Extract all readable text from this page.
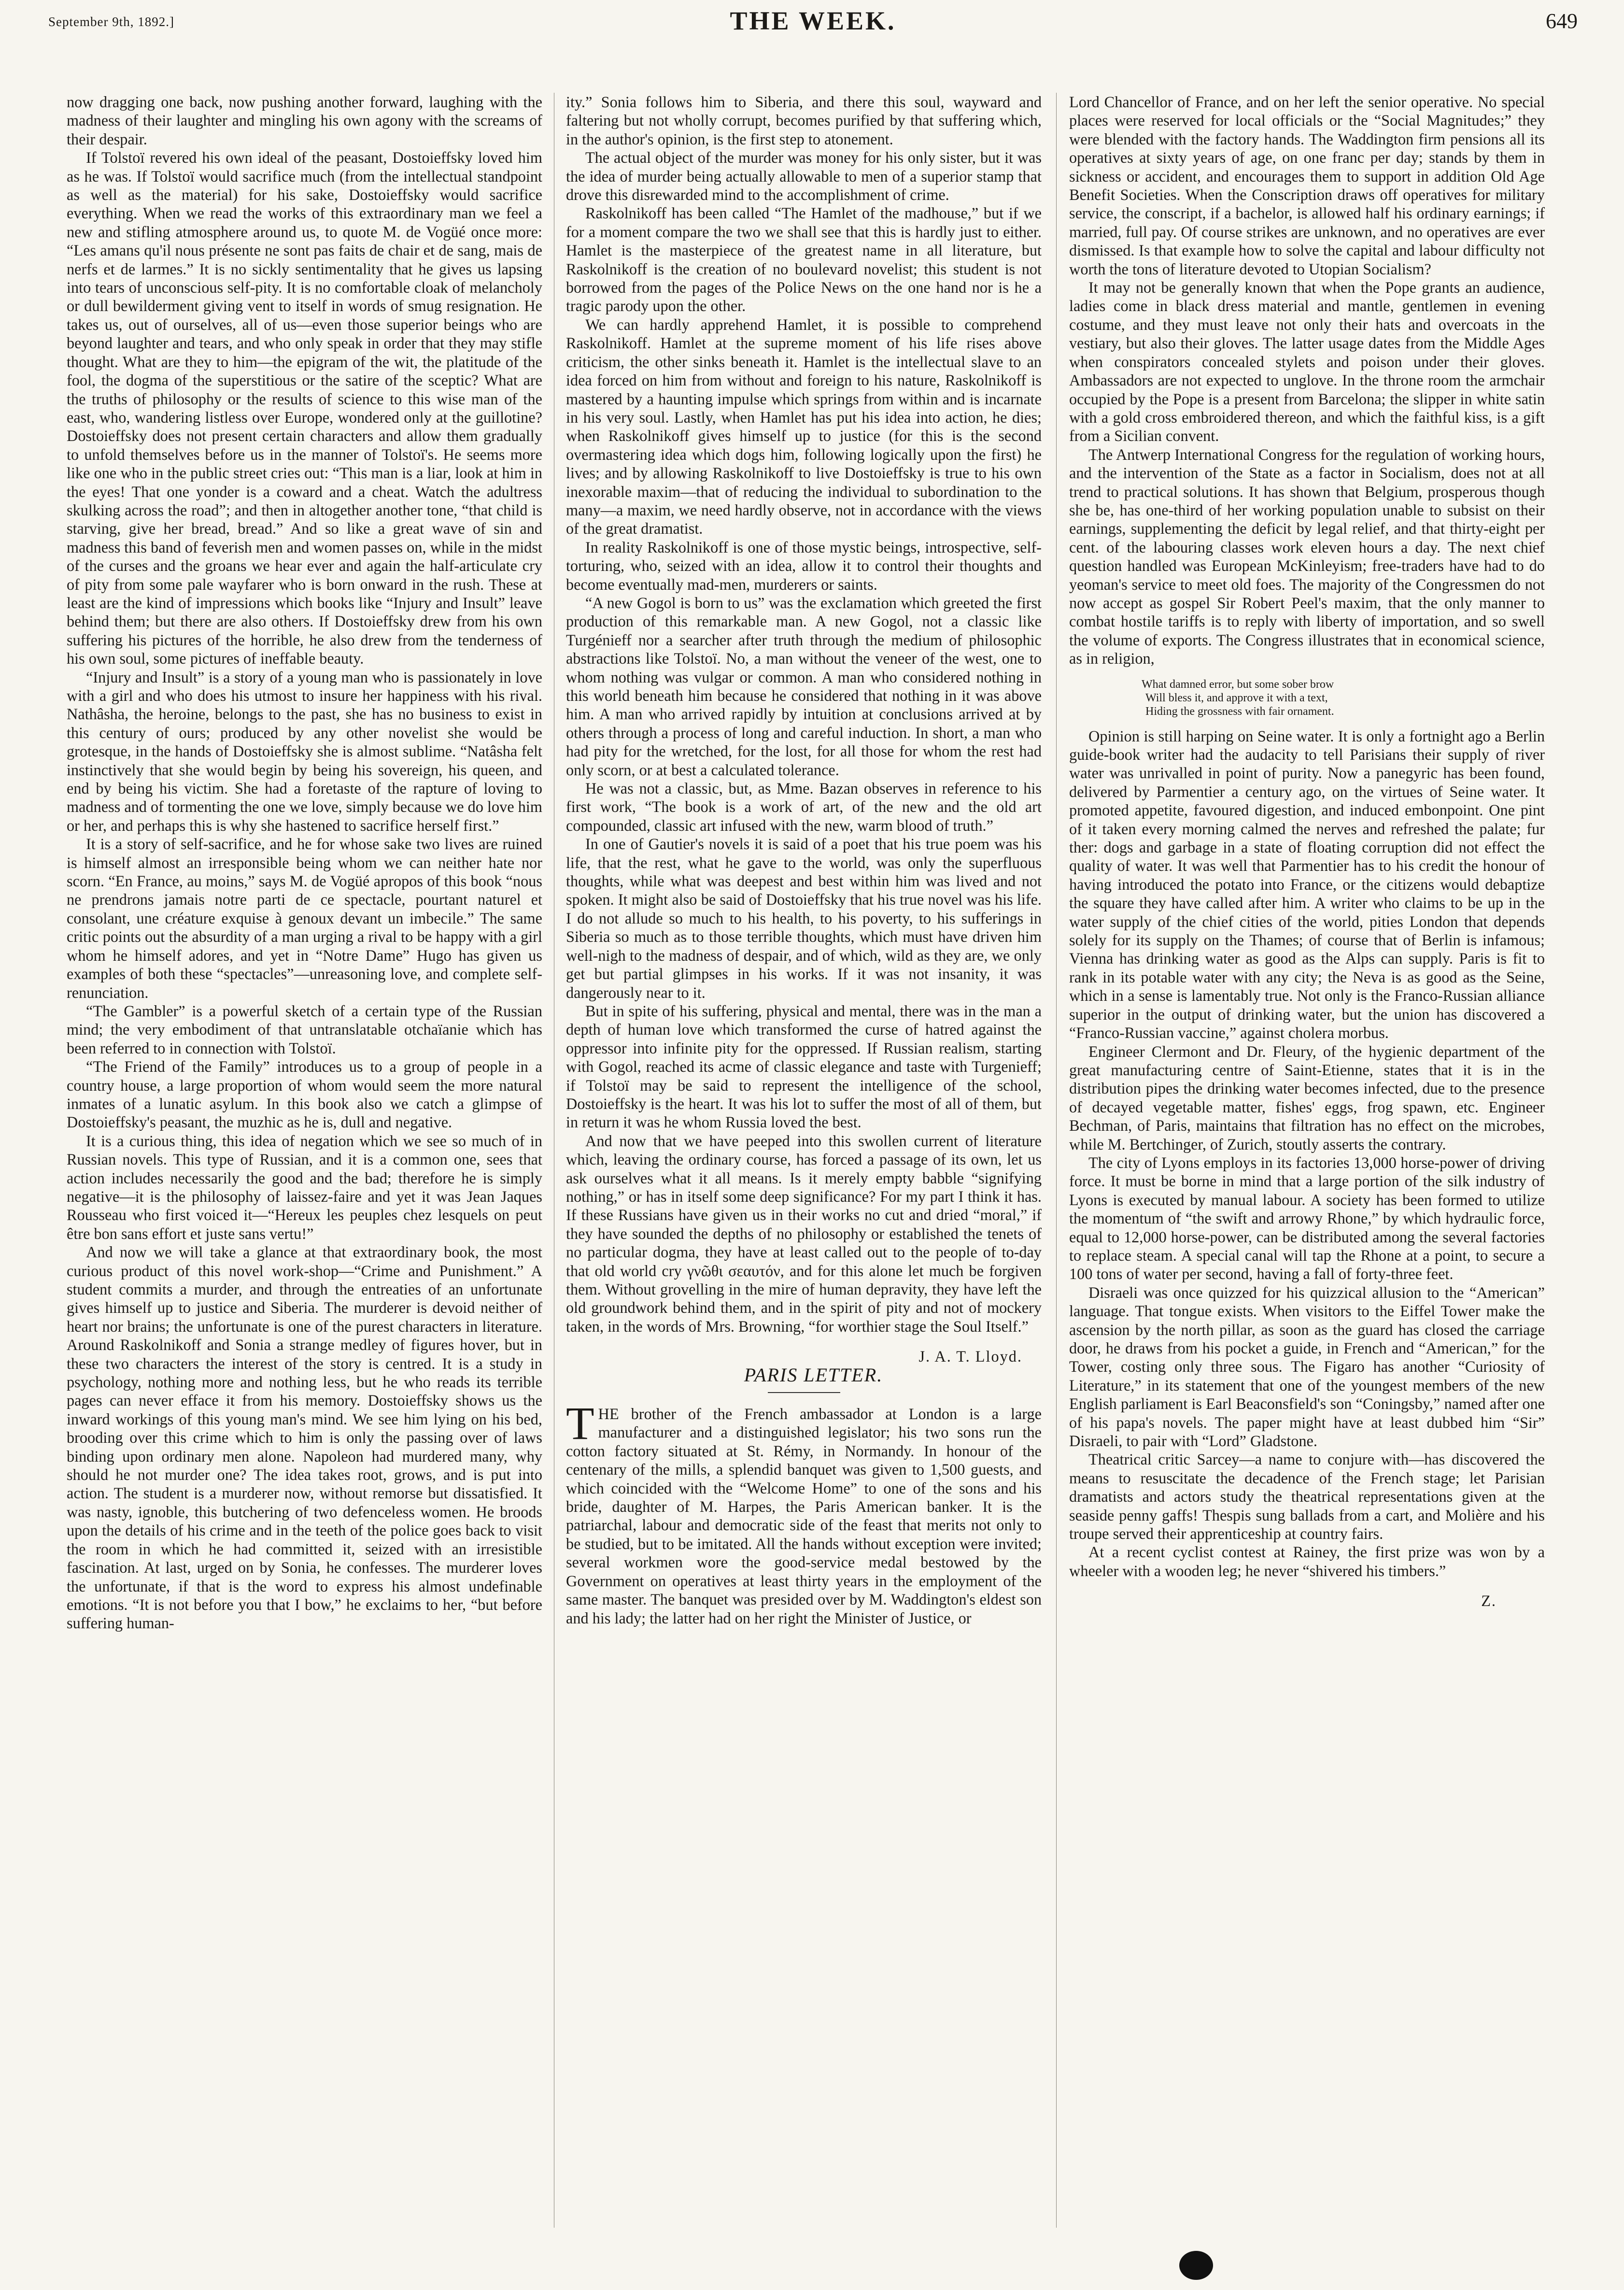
September 9th, 1892.]	THE WEEK.	649

now dragging one back, now pushing another forward, laughing with the madness of their laughter and mingling his own agony with the screams of their despair.

If Tolstoï revered his own ideal of the peasant, Dostoieffsky loved him as he was. If Tolstoï would sacrifice much (from the intellectual standpoint as well as the material) for his sake, Dostoieffsky would sacrifice everything. When we read the works of this extraordinary man we feel a new and stifling atmosphere around us, to quote M. de Vogüé once more: “Les amans qu'il nous présente ne sont pas faits de chair et de sang, mais de nerfs et de larmes.” It is no sickly sentimentality that he gives us lapsing into tears of unconscious self-pity. It is no comfortable cloak of melancholy or dull bewilderment giving vent to itself in words of smug resignation. He takes us, out of ourselves, all of us—even those superior beings who are beyond laughter and tears, and who only speak in order that they may stifle thought. What are they to him—the epigram of the wit, the platitude of the fool, the dogma of the superstitious or the satire of the sceptic? What are the truths of philosophy or the results of science to this wise man of the east, who, wandering listless over Europe, wondered only at the guillotine? Dostoieffsky does not present certain characters and allow them gradually to unfold themselves before us in the manner of Tolstoï's. He seems more like one who in the public street cries out: “This man is a liar, look at him in the eyes! That one yonder is a coward and a cheat. Watch the adultress skulking across the road”; and then in altogether another tone, “that child is starving, give her bread, bread.” And so like a great wave of sin and madness this band of feverish men and women passes on, while in the midst of the curses and the groans we hear ever and again the half-articulate cry of pity from some pale wayfarer who is born onward in the rush. These at least are the kind of impressions which books like “Injury and Insult” leave behind them; but there are also others. If Dostoieffsky drew from his own suffering his pictures of the horrible, he also drew from the tenderness of his own soul, some pictures of ineffable beauty.

“Injury and Insult” is a story of a young man who is passionately in love with a girl and who does his utmost to insure her happiness with his rival. Nathâsha, the heroine, belongs to the past, she has no business to exist in this century of ours; produced by any other novelist she would be grotesque, in the hands of Dostoieffsky she is almost sublime. “Natâsha felt instinctively that she would begin by being his sovereign, his queen, and end by being his victim. She had a foretaste of the rapture of loving to madness and of tormenting the one we love, simply because we do love him or her, and perhaps this is why she hastened to sacrifice herself first.”

It is a story of self-sacrifice, and he for whose sake two lives are ruined is himself almost an irresponsible being whom we can neither hate nor scorn. “En France, au moins,” says M. de Vogüé apropos of this book “nous ne prendrons jamais notre parti de ce spectacle, pourtant naturel et consolant, une créature exquise à genoux devant un imbecile.” The same critic points out the absurdity of a man urging a rival to be happy with a girl whom he himself adores, and yet in “Notre Dame” Hugo has given us examples of both these “spectacles”—unreasoning love, and complete self-renunciation.

“The Gambler” is a powerful sketch of a certain type of the Russian mind; the very embodiment of that untranslatable otchaïanie which has been referred to in connection with Tolstoï.

“The Friend of the Family” introduces us to a group of people in a country house, a large proportion of whom would seem the more natural inmates of a lunatic asylum. In this book also we catch a glimpse of Dostoieffsky's peasant, the muzhic as he is, dull and negative.

It is a curious thing, this idea of negation which we see so much of in Russian novels. This type of Russian, and it is a common one, sees that action includes necessarily the good and the bad; therefore he is simply negative—it is the philosophy of laissez-faire and yet it was Jean Jaques Rousseau who first voiced it—“Hereux les peuples chez lesquels on peut être bon sans effort et juste sans vertu!”

And now we will take a glance at that extraordinary book, the most curious product of this novel work-shop—“Crime and Punishment.” A student commits a murder, and through the entreaties of an unfortunate gives himself up to justice and Siberia. The murderer is devoid neither of heart nor brains; the unfortunate is one of the purest characters in literature. Around Raskolnikoff and Sonia a strange medley of figures hover, but in these two characters the interest of the story is centred. It is a study in psychology, nothing more and nothing less, but he who reads its terrible pages can never efface it from his memory. Dostoieffsky shows us the inward workings of this young man's mind. We see him lying on his bed, brooding over this crime which to him is only the passing over of laws binding upon ordinary men alone. Napoleon had murdered many, why should he not murder one? The idea takes root, grows, and is put into action. The student is a murderer now, without remorse but dissatisfied. It was nasty, ignoble, this butchering of two defenceless women. He broods upon the details of his crime and in the teeth of the police goes back to visit the room in which he had committed it, seized with an irresistible fascination. At last, urged on by Sonia, he confesses. The murderer loves the unfortunate, if that is the word to express his almost undefinable emotions. “It is not before you that I bow,” he exclaims to her, “but before suffering human-

ity.” Sonia follows him to Siberia, and there this soul, wayward and faltering but not wholly corrupt, becomes purified by that suffering which, in the author's opinion, is the first step to atonement.

The actual object of the murder was money for his only sister, but it was the idea of murder being actually allowable to men of a superior stamp that drove this disrewarded mind to the accomplishment of crime.

Raskolnikoff has been called “The Hamlet of the madhouse,” but if we for a moment compare the two we shall see that this is hardly just to either. Hamlet is the masterpiece of the greatest name in all literature, but Raskolnikoff is the creation of no boulevard novelist; this student is not borrowed from the pages of the Police News on the one hand nor is he a tragic parody upon the other.

We can hardly apprehend Hamlet, it is possible to comprehend Raskolnikoff. Hamlet at the supreme moment of his life rises above criticism, the other sinks beneath it. Hamlet is the intellectual slave to an idea forced on him from without and foreign to his nature, Raskolnikoff is mastered by a haunting impulse which springs from within and is incarnate in his very soul. Lastly, when Hamlet has put his idea into action, he dies; when Raskolnikoff gives himself up to justice (for this is the second overmastering idea which dogs him, following logically upon the first) he lives; and by allowing Raskolnikoff to live Dostoieffsky is true to his own inexorable maxim—that of reducing the individual to subordination to the many—a maxim, we need hardly observe, not in accordance with the views of the great dramatist.

In reality Raskolnikoff is one of those mystic beings, introspective, self-torturing, who, seized with an idea, allow it to control their thoughts and become eventually mad-men, murderers or saints.

“A new Gogol is born to us” was the exclamation which greeted the first production of this remarkable man. A new Gogol, not a classic like Turgénieff nor a searcher after truth through the medium of philosophic abstractions like Tolstoï. No, a man without the veneer of the west, one to whom nothing was vulgar or common. A man who considered nothing in this world beneath him because he considered that nothing in it was above him. A man who arrived rapidly by intuition at conclusions arrived at by others through a process of long and careful induction. In short, a man who had pity for the wretched, for the lost, for all those for whom the rest had only scorn, or at best a calculated tolerance.

He was not a classic, but, as Mme. Bazan observes in reference to his first work, “The book is a work of art, of the new and the old art compounded, classic art infused with the new, warm blood of truth.”

In one of Gautier's novels it is said of a poet that his true poem was his life, that the rest, what he gave to the world, was only the superfluous thoughts, while what was deepest and best within him was lived and not spoken. It might also be said of Dostoieffsky that his true novel was his life. I do not allude so much to his health, to his poverty, to his sufferings in Siberia so much as to those terrible thoughts, which must have driven him well-nigh to the madness of despair, and of which, wild as they are, we only get but partial glimpses in his works. If it was not insanity, it was dangerously near to it.

But in spite of his suffering, physical and mental, there was in the man a depth of human love which transformed the curse of hatred against the oppressor into infinite pity for the oppressed. If Russian realism, starting with Gogol, reached its acme of classic elegance and taste with Turgenieff; if Tolstoï may be said to represent the intelligence of the school, Dostoieffsky is the heart. It was his lot to suffer the most of all of them, but in return it was he whom Russia loved the best.

And now that we have peeped into this swollen current of literature which, leaving the ordinary course, has forced a passage of its own, let us ask ourselves what it all means. Is it merely empty babble “signifying nothing,” or has in itself some deep significance? For my part I think it has. If these Russians have given us in their works no cut and dried “moral,” if they have sounded the depths of no philosophy or established the tenets of no particular dogma, they have at least called out to the people of to-day that old world cry γνῶθι σεαυτόν, and for this alone let much be forgiven them. Without grovelling in the mire of human depravity, they have left the old groundwork behind them, and in the spirit of pity and not of mockery taken, in the words of Mrs. Browning, “for worthier stage the Soul Itself.”

J. A. T. Lloyd.

PARIS LETTER.

THE brother of the French ambassador at London is a large manufacturer and a distinguished legislator; his two sons run the cotton factory situated at St. Rémy, in Normandy. In honour of the centenary of the mills, a splendid banquet was given to 1,500 guests, and which coincided with the “Welcome Home” to one of the sons and his bride, daughter of M. Harpes, the Paris American banker. It is the patriarchal, labour and democratic side of the feast that merits not only to be studied, but to be imitated. All the hands without exception were invited; several workmen wore the good-service medal bestowed by the Government on operatives at least thirty years in the employment of the same master. The banquet was presided over by M. Waddington's eldest son and his lady; the latter had on her right the Minister of Justice, or

Lord Chancellor of France, and on her left the senior operative. No special places were reserved for local officials or the “Social Magnitudes;” they were blended with the factory hands. The Waddington firm pensions all its operatives at sixty years of age, on one franc per day; stands by them in sickness or accident, and encourages them to support in addition Old Age Benefit Societies. When the Conscription draws off operatives for military service, the conscript, if a bachelor, is allowed half his ordinary earnings; if married, full pay. Of course strikes are unknown, and no operatives are ever dismissed. Is that example how to solve the capital and labour difficulty not worth the tons of literature devoted to Utopian Socialism?

It may not be generally known that when the Pope grants an audience, ladies come in black dress material and mantle, gentlemen in evening costume, and they must leave not only their hats and overcoats in the vestiary, but also their gloves. The latter usage dates from the Middle Ages when conspirators concealed stylets and poison under their gloves. Ambassadors are not expected to unglove. In the throne room the armchair occupied by the Pope is a present from Barcelona; the slipper in white satin with a gold cross embroidered thereon, and which the faithful kiss, is a gift from a Sicilian convent.

The Antwerp International Congress for the regulation of working hours, and the intervention of the State as a factor in Socialism, does not at all trend to practical solutions. It has shown that Belgium, prosperous though she be, has one-third of her working population unable to subsist on their earnings, supplementing the deficit by legal relief, and that thirty-eight per cent. of the labouring classes work eleven hours a day. The next chief question handled was European McKinleyism; free-traders have had to do yeoman's service to meet old foes. The majority of the Congressmen do not now accept as gospel Sir Robert Peel's maxim, that the only manner to combat hostile tariffs is to reply with liberty of importation, and so swell the volume of exports. The Congress illustrates that in economical science, as in religion,

What damned error, but some sober brow
Will bless it, and approve it with a text,
Hiding the grossness with fair ornament.

Opinion is still harping on Seine water. It is only a fortnight ago a Berlin guide-book writer had the audacity to tell Parisians their supply of river water was unrivalled in point of purity. Now a panegyric has been found, delivered by Parmentier a century ago, on the virtues of Seine water. It promoted appetite, favoured digestion, and induced embonpoint. One pint of it taken every morning calmed the nerves and refreshed the palate; fur ther: dogs and garbage in a state of floating corruption did not effect the quality of water. It was well that Parmentier has to his credit the honour of having introduced the potato into France, or the citizens would debaptize the square they have called after him. A writer who claims to be up in the water supply of the chief cities of the world, pities London that depends solely for its supply on the Thames; of course that of Berlin is infamous; Vienna has drinking water as good as the Alps can supply. Paris is fit to rank in its potable water with any city; the Neva is as good as the Seine, which in a sense is lamentably true. Not only is the Franco-Russian alliance superior in the output of drinking water, but the union has discovered a “Franco-Russian vaccine,” against cholera morbus.

Engineer Clermont and Dr. Fleury, of the hygienic department of the great manufacturing centre of Saint-Etienne, states that it is in the distribution pipes the drinking water becomes infected, due to the presence of decayed vegetable matter, fishes' eggs, frog spawn, etc. Engineer Bechman, of Paris, maintains that filtration has no effect on the microbes, while M. Bertchinger, of Zurich, stoutly asserts the contrary.

The city of Lyons employs in its factories 13,000 horse-power of driving force. It must be borne in mind that a large portion of the silk industry of Lyons is executed by manual labour. A society has been formed to utilize the momentum of “the swift and arrowy Rhone,” by which hydraulic force, equal to 12,000 horse-power, can be distributed among the several factories to replace steam. A special canal will tap the Rhone at a point, to secure a 100 tons of water per second, having a fall of forty-three feet.

Disraeli was once quizzed for his quizzical allusion to the “American” language. That tongue exists. When visitors to the Eiffel Tower make the ascension by the north pillar, as soon as the guard has closed the carriage door, he draws from his pocket a guide, in French and “American,” for the Tower, costing only three sous. The Figaro has another “Curiosity of Literature,” in its statement that one of the youngest members of the new English parliament is Earl Beaconsfield's son “Coningsby,” named after one of his papa's novels. The paper might have at least dubbed him “Sir” Disraeli, to pair with “Lord” Gladstone.

Theatrical critic Sarcey—a name to conjure with—has discovered the means to resuscitate the decadence of the French stage; let Parisian dramatists and actors study the theatrical representations given at the seaside penny gaffs! Thespis sung ballads from a cart, and Molière and his troupe served their apprenticeship at country fairs.

At a recent cyclist contest at Rainey, the first prize was won by a wheeler with a wooden leg; he never “shivered his timbers.”

Z.
